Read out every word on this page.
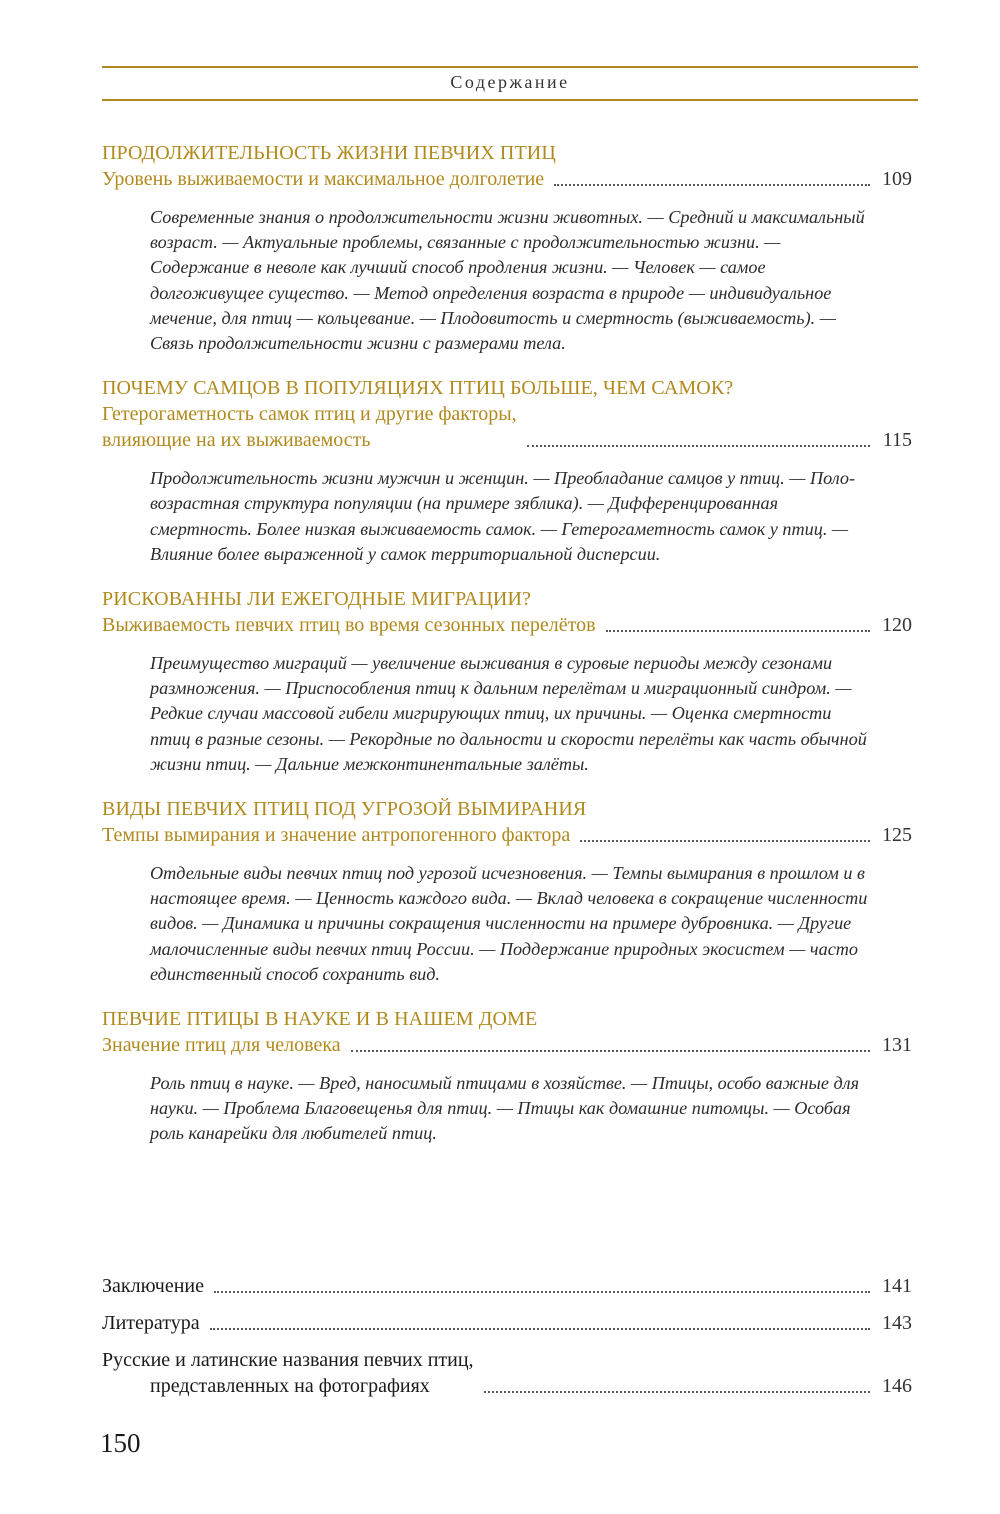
Содержание
ПРОДОЛЖИТЕЛЬНОСТЬ ЖИЗНИ ПЕВЧИХ ПТИЦ
Уровень выживаемости и максимальное долголетие	109
Современные знания о продолжительности жизни животных. — Средний и максимальный возраст. — Актуальные проблемы, связанные с продолжительностью жизни. — Содержание в неволе как лучший способ продления жизни. — Человек — самое долгоживущее существо. — Метод определения возраста в природе — индивидуальное мечение, для птиц — кольцевание. — Плодовитость и смертность (выживаемость). — Связь продолжительности жизни с размерами тела.
ПОЧЕМУ САМЦОВ В ПОПУЛЯЦИЯХ ПТИЦ БОЛЬШЕ, ЧЕМ САМОК?
Гетерогаметность самок птиц и другие факторы,
влияющие на их выживаемость	115
Продолжительность жизни мужчин и женщин. — Преобладание самцов у птиц. — Поло-возрастная структура популяции (на примере зяблика). — Дифференцированная смертность. Более низкая выживаемость самок. — Гетерогаметность самок у птиц. — Влияние более выраженной у самок территориальной дисперсии.
РИСКОВАННЫ ЛИ ЕЖЕГОДНЫЕ МИГРАЦИИ?
Выживаемость певчих птиц во время сезонных перелётов	120
Преимущество миграций — увеличение выживания в суровые периоды между сезонами размножения. — Приспособления птиц к дальним перелётам и миграционный синдром. — Редкие случаи массовой гибели мигрирующих птиц, их причины. — Оценка смертности птиц в разные сезоны. — Рекордные по дальности и скорости перелёты как часть обычной жизни птиц. — Дальние межконтинентальные залёты.
ВИДЫ ПЕВЧИХ ПТИЦ ПОД УГРОЗОЙ ВЫМИРАНИЯ
Темпы вымирания и значение антропогенного фактора	125
Отдельные виды певчих птиц под угрозой исчезновения. — Темпы вымирания в прошлом и в настоящее время. — Ценность каждого вида. — Вклад человека в сокращение численности видов. — Динамика и причины сокращения численности на примере дубровника. — Другие малочисленные виды певчих птиц России. — Поддержание природных экосистем — часто единственный способ сохранить вид.
ПЕВЧИЕ ПТИЦЫ В НАУКЕ И В НАШЕМ ДОМЕ
Значение птиц для человека	131
Роль птиц в науке. — Вред, наносимый птицами в хозяйстве. — Птицы, особо важные для науки. — Проблема Благовещенья для птиц. — Птицы как домашние питомцы. — Особая роль канарейки для любителей птиц.
Заключение	141
Литература	143
Русские и латинские названия певчих птиц,
представленных на фотографиях	146
150
